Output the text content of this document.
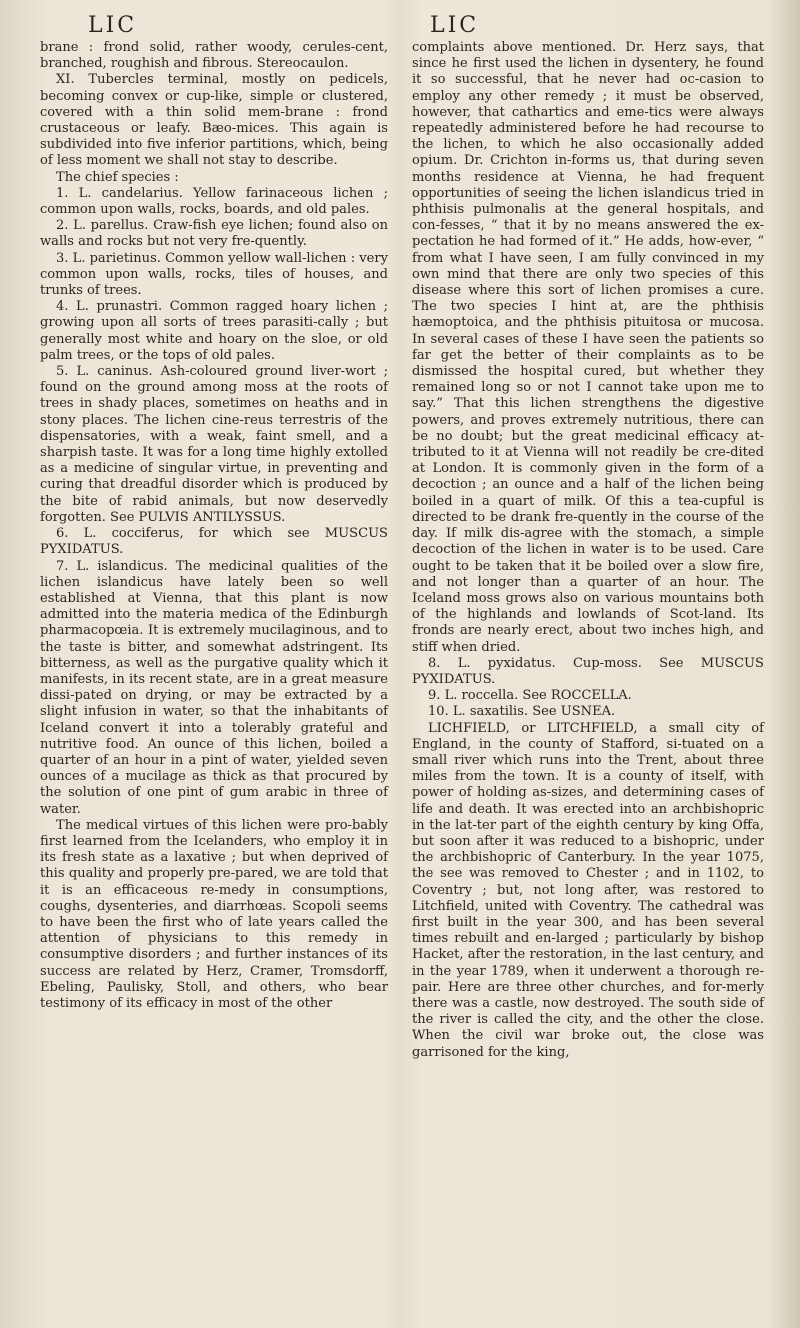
LIC

brane : frond solid, rather woody, cerules-cent, branched, roughish and fibrous. Stereocaulon.

XI. Tubercles terminal, mostly on pedicels, becoming convex or cup-like, simple or clustered, covered with a thin solid mem-brane : frond crustaceous or leafy. Bæo-mices. This again is subdivided into five inferior partitions, which, being of less moment we shall not stay to describe.

The chief species :

1. L. candelarius. Yellow farinaceous lichen ; common upon walls, rocks, boards, and old pales.

2. L. parellus. Craw-fish eye lichen; found also on walls and rocks but not very fre-quently.

3. L. parietinus. Common yellow wall-lichen : very common upon walls, rocks, tiles of houses, and trunks of trees.

4. L. prunastri. Common ragged hoary lichen ; growing upon all sorts of trees parasiti-cally ; but generally most white and hoary on the sloe, or old palm trees, or the tops of old pales.

5. L. caninus. Ash-coloured ground liver-wort ; found on the ground among moss at the roots of trees in shady places, sometimes on heaths and in stony places. The lichen cine-reus terrestris of the dispensatories, with a weak, faint smell, and a sharpish taste. It was for a long time highly extolled as a medicine of singular virtue, in preventing and curing that dreadful disorder which is produced by the bite of rabid animals, but now deservedly forgotten. See PULVIS ANTILYSSUS.

6. L. cocciferus, for which see MUSCUS PYXIDATUS.

7. L. islandicus. The medicinal qualities of the lichen islandicus have lately been so well established at Vienna, that this plant is now admitted into the materia medica of the Edinburgh pharmacopœia. It is extremely mucilaginous, and to the taste is bitter, and somewhat adstringent. Its bitterness, as well as the purgative quality which it manifests, in its recent state, are in a great measure dissi-pated on drying, or may be extracted by a slight infusion in water, so that the inhabitants of Iceland convert it into a tolerably grateful and nutritive food. An ounce of this lichen, boiled a quarter of an hour in a pint of water, yielded seven ounces of a mucilage as thick as that procured by the solution of one pint of gum arabic in three of water.

The medical virtues of this lichen were pro-bably first learned from the Icelanders, who employ it in its fresh state as a laxative ; but when deprived of this quality and properly pre-pared, we are told that it is an efficaceous re-medy in consumptions, coughs, dysenteries, and diarrhœas. Scopoli seems to have been the first who of late years called the attention of physicians to this remedy in consumptive disorders ; and further instances of its success are related by Herz, Cramer, Tromsdorff, Ebeling, Paulisky, Stoll, and others, who bear testimony of its efficacy in most of the other

LIC

complaints above mentioned. Dr. Herz says, that since he first used the lichen in dysentery, he found it so successful, that he never had oc-casion to employ any other remedy ; it must be observed, however, that cathartics and eme-tics were always repeatedly administered before he had recourse to the lichen, to which he also occasionally added opium. Dr. Crichton in-forms us, that during seven months residence at Vienna, he had frequent opportunities of seeing the lichen islandicus tried in phthisis pulmonalis at the general hospitals, and con-fesses, “ that it by no means answered the ex-pectation he had formed of it.” He adds, how-ever, “ from what I have seen, I am fully convinced in my own mind that there are only two species of this disease where this sort of lichen promises a cure. The two species I hint at, are the phthisis hæmoptoica, and the phthisis pituitosa or mucosa. In several cases of these I have seen the patients so far get the better of their complaints as to be dismissed the hospital cured, but whether they remained long so or not I cannot take upon me to say.” That this lichen strengthens the digestive powers, and proves extremely nutritious, there can be no doubt; but the great medicinal efficacy at-tributed to it at Vienna will not readily be cre-dited at London. It is commonly given in the form of a decoction ; an ounce and a half of the lichen being boiled in a quart of milk. Of this a tea-cupful is directed to be drank fre-quently in the course of the day. If milk dis-agree with the stomach, a simple decoction of the lichen in water is to be used. Care ought to be taken that it be boiled over a slow fire, and not longer than a quarter of an hour. The Iceland moss grows also on various mountains both of the highlands and lowlands of Scot-land. Its fronds are nearly erect, about two inches high, and stiff when dried.

8. L. pyxidatus. Cup-moss. See MUSCUS PYXIDATUS.

9. L. roccella. See ROCCELLA.

10. L. saxatilis. See USNEA.

LICHFIELD, or LITCHFIELD, a small city of England, in the county of Stafford, si-tuated on a small river which runs into the Trent, about three miles from the town. It is a county of itself, with power of holding as-sizes, and determining cases of life and death. It was erected into an archbishopric in the lat-ter part of the eighth century by king Offa, but soon after it was reduced to a bishopric, under the archbishopric of Canterbury. In the year 1075, the see was removed to Chester ; and in 1102, to Coventry ; but, not long after, was restored to Litchfield, united with Coventry. The cathedral was first built in the year 300, and has been several times rebuilt and en-larged ; particularly by bishop Hacket, after the restoration, in the last century, and in the year 1789, when it underwent a thorough re-pair. Here are three other churches, and for-merly there was a castle, now destroyed. The south side of the river is called the city, and the other the close. When the civil war broke out, the close was garrisoned for the king,
